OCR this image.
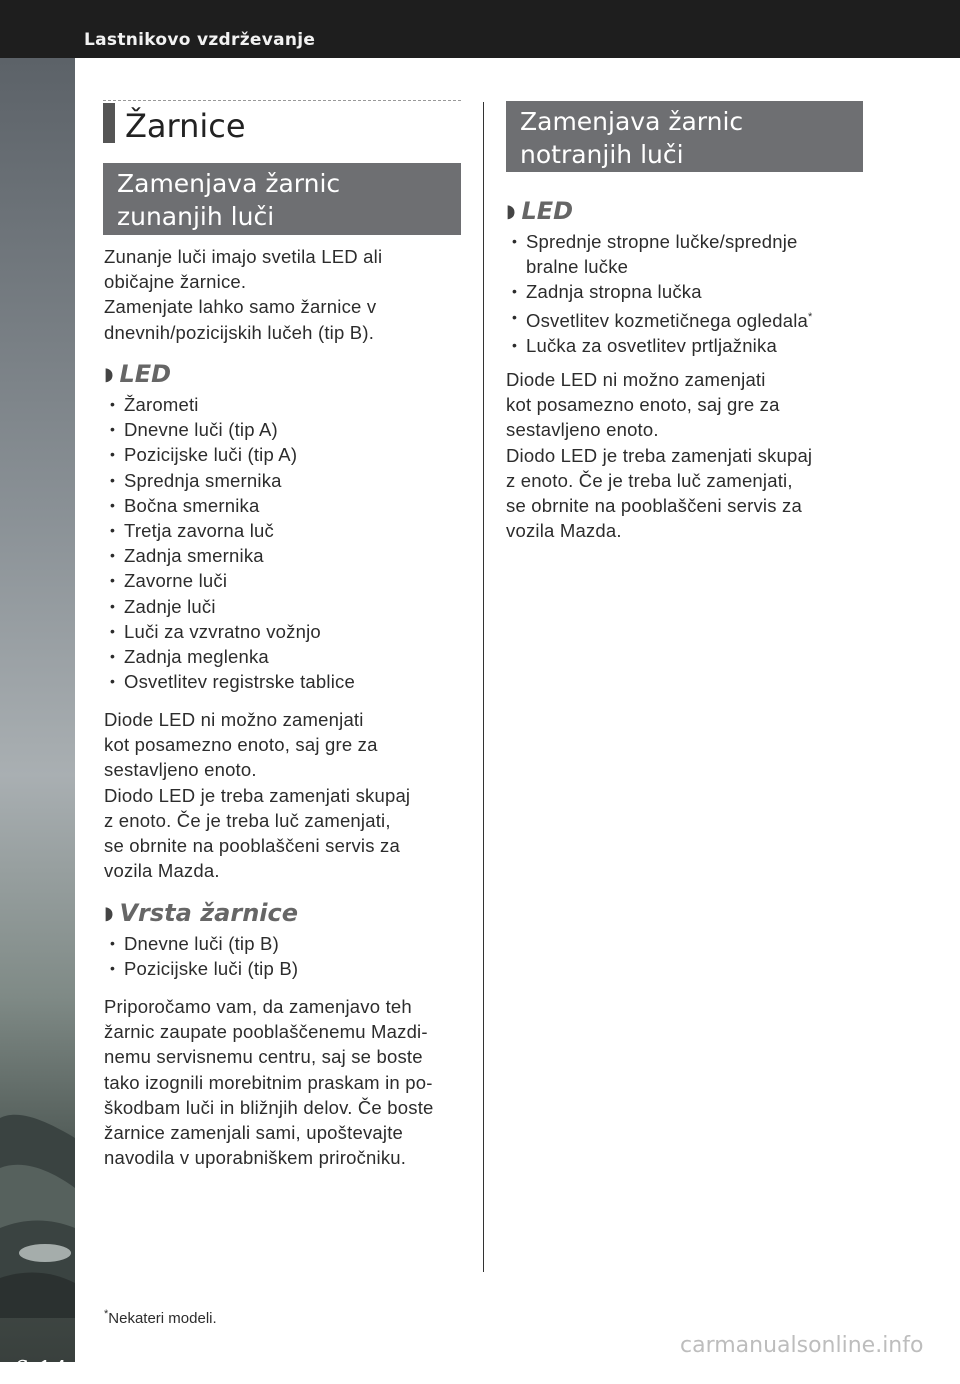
Lastnikovo vzdrževanje
6-14
Žarnice
Zamenjava žarnic
zunanjih luči
Zunanje luči imajo svetila LED ali
običajne žarnice.
Zamenjate lahko samo žarnice v
dnevnih/pozicijskih lučeh (tip B).
◗ LED
• Žarometi
• Dnevne luči (tip A)
• Pozicijske luči (tip A)
• Sprednja smernika
• Bočna smernika
• Tretja zavorna luč
• Zadnja smernika
• Zavorne luči
• Zadnje luči
• Luči za vzvratno vožnjo
• Zadnja meglenka
• Osvetlitev registrske tablice
Diode LED ni možno zamenjati
kot posamezno enoto, saj gre za
sestavljeno enoto.
Diodo LED je treba zamenjati skupaj
z enoto. Če je treba luč zamenjati,
se obrnite na pooblaščeni servis za
vozila Mazda.
◗ Vrsta žarnice
• Dnevne luči (tip B)
• Pozicijske luči (tip B)
Priporočamo vam, da zamenjavo teh
žarnic zaupate pooblaščenemu Mazdi-
nemu servisnemu centru, saj se boste
tako izognili morebitnim praskam in po-
škodbam luči in bližnjih delov. Če boste
žarnice zamenjali sami, upoštevajte
navodila v uporabniškem priročniku.
Zamenjava žarnic
notranjih luči
◗ LED
• Sprednje stropne lučke/sprednje
bralne lučke
• Zadnja stropna lučka
• Osvetlitev kozmetičnega ogledala*
• Lučka za osvetlitev prtljažnika
Diode LED ni možno zamenjati
kot posamezno enoto, saj gre za
sestavljeno enoto.
Diodo LED je treba zamenjati skupaj
z enoto. Če je treba luč zamenjati,
se obrnite na pooblaščeni servis za
vozila Mazda.
*Nekateri modeli.
carmanualsonline.info
